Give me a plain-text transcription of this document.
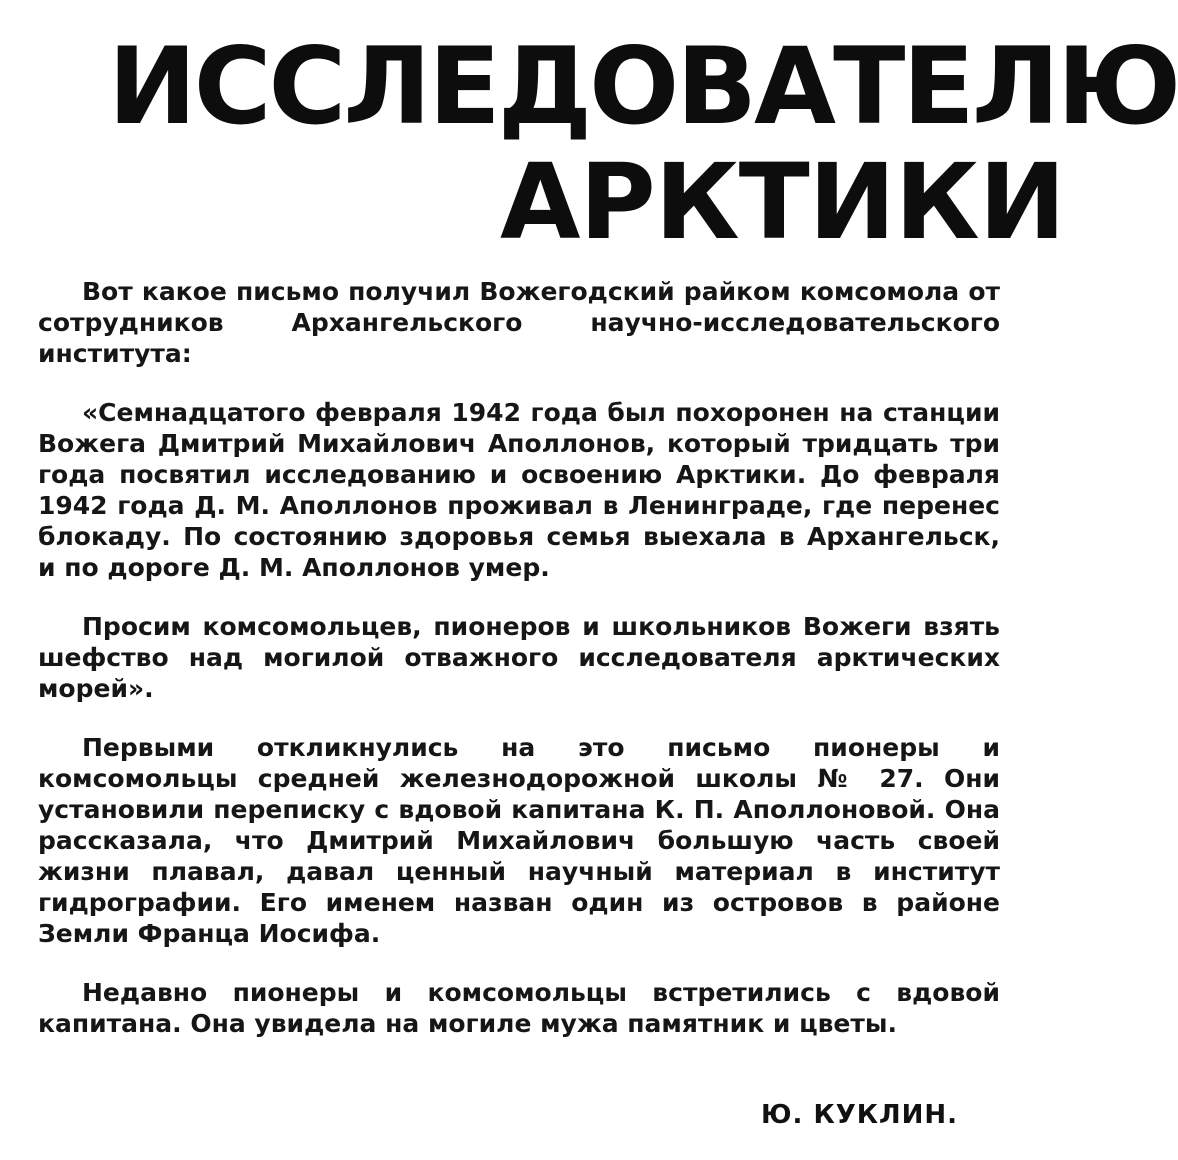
ИССЛЕДОВАТЕЛЮ
АРКТИКИ

Вот какое письмо получил Вожегодский райком комсомола от сотрудников Архангельского научно-исследовательского института:

«Семнадцатого февраля 1942 года был похоронен на станции Вожега Дмитрий Михайлович Аполлонов, который тридцать три года посвятил исследованию и освоению Арктики. До февраля 1942 года Д. М. Аполлонов проживал в Ленинграде, где перенес блокаду. По состоянию здоровья семья выехала в Архангельск, и по дороге Д. М. Аполлонов умер.

Просим комсомольцев, пионеров и школьников Вожеги взять шефство над могилой отважного исследователя арктических морей».

Первыми откликнулись на это письмо пионеры и комсомольцы средней железнодорожной школы № 27. Они установили переписку с вдовой капитана К. П. Аполлоновой. Она рассказала, что Дмитрий Михайлович большую часть своей жизни плавал, давал ценный научный материал в институт гидрографии. Его именем назван один из островов в районе Земли Франца Иосифа.

Недавно пионеры и комсомольцы встретились с вдовой капитана. Она увидела на могиле мужа памятник и цветы.

Ю. КУКЛИН.
